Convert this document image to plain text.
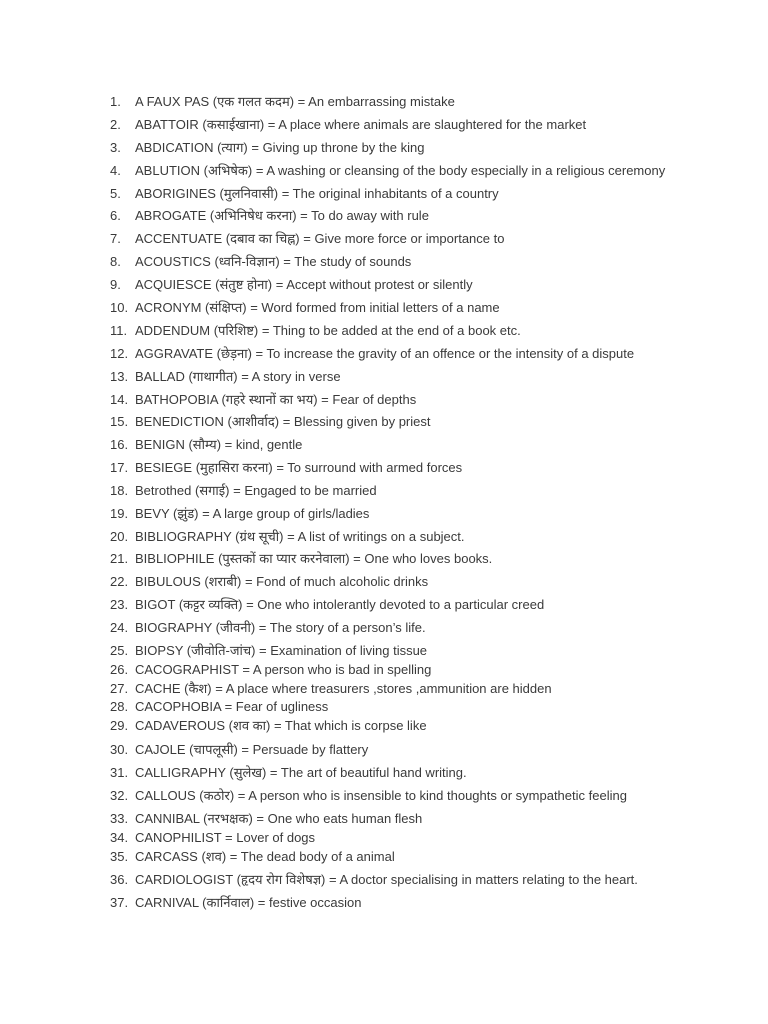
1. A FAUX PAS (एक गलत कदम) = An embarrassing mistake
2. ABATTOIR (कसाईखाना) = A place where animals are slaughtered for the market
3. ABDICATION (त्याग) = Giving up throne by the king
4. ABLUTION (अभिषेक) = A washing or cleansing of the body especially in a religious ceremony
5. ABORIGINES (मुलनिवासी) = The original inhabitants of a country
6. ABROGATE (अभिनिषेध करना) = To do away with rule
7. ACCENTUATE (दबाव का चिह्न) = Give more force or importance to
8. ACOUSTICS (ध्वनि-विज्ञान) = The study of sounds
9. ACQUIESCE (संतुष्ट होना) = Accept without protest or silently
10. ACRONYM (संक्षिप्त) = Word formed from initial letters of a name
11. ADDENDUM (परिशिष्ट) = Thing to be added at the end of a book etc.
12. AGGRAVATE (छेड़ना) = To increase the gravity of an offence or the intensity of a dispute
13. BALLAD (गाथागीत) = A story in verse
14. BATHOPOBIA (गहरे स्थानों का भय) = Fear of depths
15. BENEDICTION (आशीर्वाद) = Blessing given by priest
16. BENIGN (सौम्य) = kind, gentle
17. BESIEGE (मुहासिरा करना) = To surround with armed forces
18. Betrothed (सगाई) = Engaged to be married
19. BEVY (झुंड) = A large group of girls/ladies
20. BIBLIOGRAPHY (ग्रंथ सूची) = A list of writings on a subject.
21. BIBLIOPHILE (पुस्तकों का प्यार करनेवाला) = One who loves books.
22. BIBULOUS (शराबी) = Fond of much alcoholic drinks
23. BIGOT (कट्टर व्यक्ति) = One who intolerantly devoted to a particular creed
24. BIOGRAPHY (जीवनी) = The story of a person’s life.
25. BIOPSY (जीवोति-जांच) = Examination of living tissue
26. CACOGRAPHIST = A person who is bad in spelling
27. CACHE (कैश) = A place where treasurers ,stores ,ammunition are hidden
28. CACOPHOBIA = Fear of ugliness
29. CADAVEROUS (शव का) = That which is corpse like
30. CAJOLE (चापलूसी) = Persuade by flattery
31. CALLIGRAPHY (सुलेख) = The art of beautiful hand writing.
32. CALLOUS (कठोर) = A person who is insensible to kind thoughts or sympathetic feeling
33. CANNIBAL (नरभक्षक) = One who eats human flesh
34. CANOPHILIST = Lover of dogs
35. CARCASS (शव) = The dead body of a animal
36. CARDIOLOGIST (हृदय रोग विशेषज्ञ) = A doctor specialising in matters relating to the heart.
37. CARNIVAL (कार्निवाल) = festive occasion
